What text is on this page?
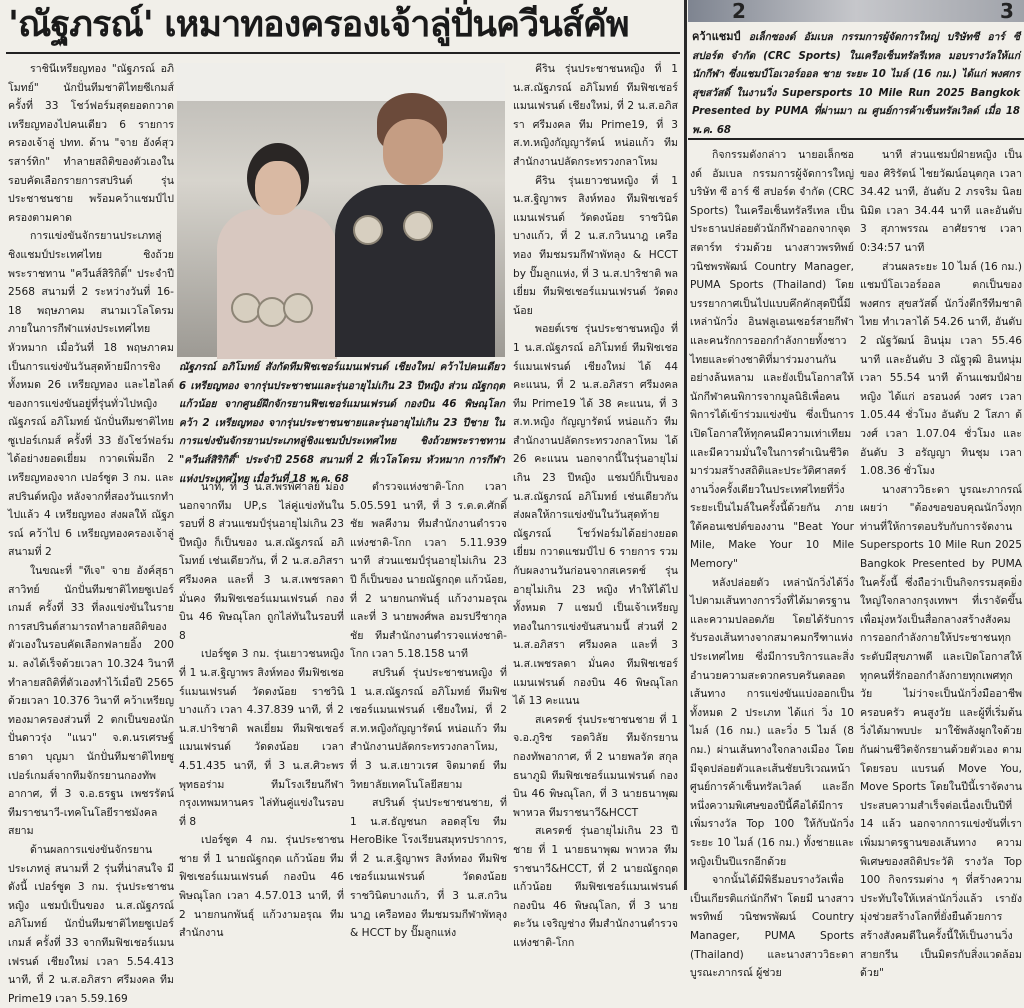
'ณัฐภรณ์' เหมาทองครองเจ้าลู่ปั่นควีนส์คัพ

ราชินีเหรียญทอง "ณัฐภรณ์ อภิโมทย์" นักปั่นทีมชาติไทยซีเกมส์ ครั้งที่ 33 โชว์ฟอร์มสุดยอดกวาดเหรียญทองไปคนเดียว 6 รายการ ครองเจ้าลู่ ปทท. ด้าน "จาย อังค์สุวรสาร์ทิก" ทำลายสถิติของตัวเองในรอบคัดเลือกรายการสปรินต์ รุ่นประชาชนชาย พร้อมคว้าแชมป์ไปครองตามคาด

การแข่งขันจักรยานประเภทลู่ชิงแชมป์ประเทศไทย ชิงถ้วยพระราชทาน "ควีนส์สิริกิติ์" ประจำปี 2568 สนามที่ 2 ระหว่างวันที่ 16-18 พฤษภาคม สนามเวโลโดรม ภายในการกีฬาแห่งประเทศไทย หัวหมาก เมื่อวันที่ 18 พฤษภาคม เป็นการแข่งขันวันสุดท้ายมีการชิงทั้งหมด 26 เหรียญทอง และไฮไลต์ของการแข่งขันอยู่ที่รุ่นทั่วไปหญิง ณัฐภรณ์ อภิโมทย์ นักปั่นทีมชาติไทยซูเปอร์เกมส์ ครั้งที่ 33 ยังโชว์ฟอร์มได้อย่างยอดเยี่ยม กวาดเพิ่มอีก 2 เหรียญทองจาก เปอร์ซูต 3 กม. และสปรินต์หญิง หลังจากที่สองวันแรกทำไปแล้ว 4 เหรียญทอง ส่งผลให้ ณัฐภรณ์ คว้าไป 6 เหรียญทองครองเจ้าลู่สนามที่ 2

ในขณะที่ "ทีเจ" จาย อังค์สุธาสาวิทย์ นักปั่นทีมชาติไทยซูเปอร์เกมส์ ครั้งที่ 33 ที่ลงแข่งขันในรายการสปรินต์สามารถทำลายสถิติของตัวเองในรอบคัดเลือกฟลายอิ้ง 200 ม. ลงได้เร็จด้วยเวลา 10.324 วินาที ทำลายสถิติที่ตัวเองทำไว้เมื่อปี 2565 ด้วยเวลา 10.376 วินาที คว้าเหรียญทองมาครองส่วนที่ 2 ตกเป็นของนักปั่นดาวรุ่ง "แนว" จ.ต.นรเศรษฐ์ธาดา บุญมา นักปั่นทีมชาติไทยซูเปอร์เกมส์จากทีมจักรยานกองทัพอากาศ, ที่ 3 จ.อ.ธรฐน เพชรรัตน์ ทีมราชนาวี-เทคโนโลยีราชมังคลสยาม

ด้านผลการแข่งขันจักรยานประเภทลู่ สนามที่ 2 รุ่นที่น่าสนใจ มีดังนี้ เปอร์ซูต 3 กม. รุ่นประชาชนหญิง แชมป์เป็นของ น.ส.ณัฐภรณ์ อภิโมทย์ นักปั่นทีมชาติไทยซูเปอร์เกมส์ ครั้งที่ 33 จากทีมฟิชเชอร์แมนเฟรนด์ เชียงใหม่ เวลา 5.54.413 นาที, ที่ 2 น.ส.อภิสรา ศรีมงคล ทีม Prime19 เวลา 5.59.169

ณัฐภรณ์ อภิโมทย์ สังกัดทีมฟิชเชอร์แมนเฟรนด์ เชียงใหม่ คว้าไปคนเดียว 6 เหรียญทอง จากรุ่นประชาชนและรุ่นอายุไม่เกิน 23 ปีหญิง ส่วน ณัฐกฤต แก้วน้อย จากศูนย์ฝึกจักรยานฟิชเชอร์แมนเฟรนด์ กองบิน 46 พิษณุโลก คว้า 2 เหรียญทอง จากรุ่นประชาชนชายและรุ่นอายุไม่เกิน 23 ปีชาย ในการแข่งขันจักรยานประเภทลู่ชิงแชมป์ประเทศไทย ชิงถ้วยพระราชทาน "ควีนส์สิริกิติ์" ประจำปี 2568 สนามที่ 2 ที่เวโลโดรม หัวหมาก การกีฬาแห่งประเทศไทย เมื่อวันที่ 18 พ.ค. 68

นาที, ที่ 3 น.ส.พรพิศาลย์ ม่องนอกจากทีม UP,s ไล่คู่แข่งทันในรอบที่ 8 ส่วนแชมป์รุ่นอายุไม่เกิน 23 ปีหญิง ก็เป็นของ น.ส.ณัฐภรณ์ อภิโมทย์ เช่นเดียวกัน, ที่ 2 น.ส.อภิสรา ศรีมงคล และที่ 3 น.ส.เพชรลดา มั่นคง ทีมฟิชเชอร์แมนเฟรนด์ กองบิน 46 พิษณุโลก ถูกไล่ทันในรอบที่ 8

เปอร์ซูต 3 กม. รุ่นเยาวชนหญิง ที่ 1 น.ส.ฐิญาพร สิงห์ทอง ทีมฟิชเชอร์แมนเฟรนด์ วัดดงน้อย ราชวินิบางแก้ว เวลา 4.37.839 นาที, ที่ 2 น.ส.ปาริชาติ พลเยี่ยม ทีมฟิชเชอร์แมนเฟรนด์ วัดดงน้อย เวลา 4.51.435 นาที, ที่ 3 น.ส.ศิวะพร พุทธอร่าม ทีมโรงเรียนกีฬากรุงเทพมหานคร ไล่ทันคู่แข่งในรอบที่ 8

เปอร์ซูต 4 กม. รุ่นประชาชนชาย ที่ 1 นายณัฐกฤต แก้วน้อย ทีมฟิชเชอร์แมนเฟรนด์ กองบิน 46 พิษณุโลก เวลา 4.57.013 นาที, ที่ 2 นายกนกพันธุ์ แก้วงามอรุณ ทีมสำนักงาน

ตำรวจแห่งชาติ-โกก เวลา 5.05.591 นาที, ที่ 3 ร.ต.ต.ศักดิ์ชัย พลคีงาม ทีมสำนักงานตำรวจแห่งชาติ-โกก เวลา 5.11.939 นาที ส่วนแชมป์รุ่นอายุไม่เกิน 23 ปี ก็เป็นของ นายณัฐกฤต แก้วน้อย, ที่ 2 นายกนกพันธุ์ แก้วงามอรุณ และที่ 3 นายพงศ์พล อมรปรีชากุลชัย ทีมสำนักงานตำรวจแห่งชาติ-โกก เวลา 5.18.158 นาที

สปรินต์ รุ่นประชาชนหญิง ที่ 1 น.ส.ณัฐภรณ์ อภิโมทย์ ทีมฟิชเชอร์แมนเฟรนด์ เชียงใหม่, ที่ 2 ส.ท.หญิงกัญญารัตน์ หน่อแก้ว ทีมสำนักงานปลัดกระทรวงกลาโหม, ที่ 3 น.ส.เยาวเรศ จิตมาตย์ ทีมวิทยาลัยเทคโนโลยีสยาม

สปรินต์ รุ่นประชาชนชาย, ที่ 1 น.ส.ธัญชนก ลอดสุโข ทีม HeroBike โรงเรียนสมุทรปราการ, ที่ 2 น.ส.ฐิญาพร สิงห์ทอง ทีมฟิชเชอร์แมนเฟรนด์ วัดดงน้อย ราชวินิตบางแก้ว, ที่ 3 น.ส.กวินนาฏ เครือทอง ทีมชมรมกีฬาพัทลุง & HCCT by ปั๊มลูกแห่ง

คีริน รุ่นประชาชนหญิง ที่ 1 น.ส.ณัฐภรณ์ อภิโมทย์ ทีมฟิชเชอร์แมนเฟรนด์ เชียงใหม่, ที่ 2 น.ส.อภิสรา ศรีมงคล ทีม Prime19, ที่ 3 ส.ท.หญิงกัญญารัตน์ หน่อแก้ว ทีมสำนักงานปลัดกระทรวงกลาโหม

คีริน รุ่นเยาวชนหญิง ที่ 1 น.ส.ฐิญาพร สิงห์ทอง ทีมฟิชเชอร์แมนเฟรนด์ วัดดงน้อย ราชวินิตบางแก้ว, ที่ 2 น.ส.กวินนาฎ เครือทอง ทีมชมรมกีฬาพัทลุง & HCCT by ปั๊มลูกแห่ง, ที่ 3 น.ส.ปาริชาติ พลเยี่ยม ทีมฟิชเชอร์แมนเฟรนด์ วัดดงน้อย

พอยต์เรซ รุ่นประชาชนหญิง ที่ 1 น.ส.ณัฐภรณ์ อภิโมทย์ ทีมฟิชเชอร์แมนเฟรนด์ เชียงใหม่ ได้ 44 คะแนน, ที่ 2 น.ส.อภิสรา ศรีมงคล ทีม Prime19 ได้ 38 คะแนน, ที่ 3 ส.ท.หญิง กัญญารัตน์ หน่อแก้ว ทีมสำนักงานปลัดกระทรวงกลาโหม ได้ 26 คะแนน นอกจากนี้ในรุ่นอายุไม่เกิน 23 ปีหญิง แชมป์ก็เป็นของ น.ส.ณัฐภรณ์ อภิโมทย์ เช่นเดียวกัน ส่งผลให้การแข่งขันในวันสุดท้าย ณัฐภรณ์ โชว์ฟอร์มได้อย่างยอดเยี่ยม กวาดแชมป์ไป 6 รายการ รวมกับผลงานวันก่อนจากสเครตช์ รุ่นอายุไม่เกิน 23 หญิง ทำให้ได้ไปทั้งหมด 7 แชมป์ เป็นเจ้าเหรียญทองในการแข่งขันสนามนี้ ส่วนที่ 2 น.ส.อภิสรา ศรีมงคล และที่ 3 น.ส.เพชรลดา มั่นคง ทีมฟิชเชอร์แมนเฟรนด์ กองบิน 46 พิษณุโลก ได้ 13 คะแนน

สเครตช์ รุ่นประชาชนชาย ที่ 1 จ.อ.ภูริช รอดวิลัย ทีมจักรยานกองทัพอากาศ, ที่ 2 นายพลวัต สกุลธนาภูมิ ทีมฟิชเชอร์แมนเฟรนด์ กองบิน 46 พิษณุโลก, ที่ 3 นายธนาพุฒ พาหวล ทีมราชนาวี&HCCT

สเครตช์ รุ่นอายุไม่เกิน 23 ปีชาย ที่ 1 นายธนาพุฒ พาหวล ทีมราชนาวี&HCCT, ที่ 2 นายณัฐกฤต แก้วน้อย ทีมฟิชเชอร์แมนเฟรนด์ กองบิน 46 พิษณุโลก, ที่ 3 นายตะวัน เจริญช่าง ทีมสำนักงานตำรวจแห่งชาติ-โกก

2	3
คว้าแชมป์ อเล็กซองด์ อัมเบล กรรมการผู้จัดการใหญ่ บริษัทซี อาร์ ซี สปอร์ต จำกัด (CRC Sports) ในเครือเซ็นทรัลรีเทล มอบรางวัลให้แก่นักกีฬา ซึ่งแชมป์โอเวอร์ออล ชาย ระยะ 10 ไมล์ (16 กม.) ได้แก่ พงศกร สุขสวัสดิ์ ในงานวิ่ง Supersports 10 Mile Run 2025 Bangkok Presented by PUMA ที่ผ่านมา ณ ศูนย์การค้าเซ็นทรัลเวิลด์ เมื่อ 18 พ.ค. 68

กิจกรรมดังกล่าว นายอเล็กซองด์ อัมเบล กรรมการผู้จัดการใหญ่ บริษัท ซี อาร์ ซี สปอร์ต จำกัด (CRC Sports) ในเครือเซ็นทรัลรีเทล เป็นประธานปล่อยตัวนักกีฬาออกจากจุดสตาร์ท ร่วมด้วย นางสาวพรทิพย์ วนิชพรพัฒน์ Country Manager, PUMA Sports (Thailand) โดยบรรยากาศเป็นไปแบบคึกคักสุดปีนี้มีเหล่านักวิ่ง อินฟลูเอนเซอร์สายกีฬาและคนรักการออกกำลังกายทั้งชาวไทยและต่างชาติที่มาร่วมงานกันอย่างล้นหลาม และยังเป็นโอกาสให้นักกีฬาคนพิการจากมูลนิธิเพื่อคนพิการได้เข้าร่วมแข่งขัน ซึ่งเป็นการเปิดโอกาสให้ทุกคนมีความเท่าเทียม และมีความมั่นใจในการดำเนินชีวิต มาร่วมสร้างสถิติและประวัติศาสตร์งานวิ่งครั้งเดียวในประเทศไทยที่วิ่งระยะเป็นไมล์ในครั้งนี้ด้วยกัน ภายใต้คอนเซปต์ของงาน "Beat Your Mile, Make Your 10 Mile Memory"

หลังปล่อยตัว เหล่านักวิ่งได้วิ่งไปตามเส้นทางการวิ่งที่ได้มาตรฐานและความปลอดภัย โดยได้รับการรับรองเส้นทางจากสมาคมกรีฑาแห่งประเทศไทย ซึ่งมีการบริการและสิ่งอำนวยความสะดวกครบครันตลอดเส้นทาง การแข่งขันแบ่งออกเป็นทั้งหมด 2 ประเภท ได้แก่ วิ่ง 10 ไมล์ (16 กม.) และวิ่ง 5 ไมล์ (8 กม.) ผ่านเส้นทางใจกลางเมือง โดยมีจุดปล่อยตัวและเส้นชัยบริเวณหน้าศูนย์การค้าเซ็นทรัลเวิลด์ และอีกหนึ่งความพิเศษของปีนี้คือได้มีการเพิ่มรางวัล Top 100 ให้กับนักวิ่งระยะ 10 ไมล์ (16 กม.) ทั้งชายและหญิงเป็นปีแรกอีกด้วย

จากนั้นได้มีพิธีมอบรางวัลเพื่อเป็นเกียรติแก่นักกีฬา โดยมี นางสาวพรทิพย์ วนิชพรพัฒน์ Country Manager, PUMA Sports (Thailand) และนางสาววิธะดา บูรณะภากรณ์ ผู้ช่วย

นาที ส่วนแชมป์ฝ่ายหญิง เป็นของ ศิริรัตน์ ไชยวัฒน์อนุตกุล เวลา 34.42 นาที, อันดับ 2 ภรจริม นิลยนิมิต เวลา 34.44 นาที และอันดับ 3 สุภาพรรณ อาศัยราช เวลา 0:34:57 นาที

ส่วนผลระยะ 10 ไมล์ (16 กม.) แชมป์โอเวอร์ออล ตกเป็นของ พงศกร สุขสวัสดิ์ นักวิ่งตีกรีทีมชาติไทย ทำเวลาได้ 54.26 นาที, อันดับ 2 ณัฐวัฒน์ อินนุ่ม เวลา 55.46 นาที และอันดับ 3 ณัฐวุฒิ อินหนุ่ม เวลา 55.54 นาที ด้านแชมป์ฝ่ายหญิง ได้แก่ อรอนงค์ วงศร เวลา 1.05.44 ชั่วโมง อันดับ 2 โสภา ต้วงศ์ เวลา 1.07.04 ชั่วโมง และอันดับ 3 อรัญญา ทินชุม เวลา 1.08.36 ชั่วโมง

นางสาววิธะดา บูรณะภากรณ์ เผยว่า "ต้องขอขอบคุณนักวิ่งทุกท่านที่ให้การตอบรับกับการจัดงาน Supersports 10 Mile Run 2025 Bangkok Presented by PUMA ในครั้งนี้ ซึ่งถือว่าเป็นกิจกรรมสุดยิ่งใหญ่ใจกลางกรุงเทพฯ ที่เราจัดขึ้นเพื่อมุ่งหวังเป็นสื่อกลางสร้างสังคมการออกกำลังกายให้ประชาชนทุกระดับมีสุขภาพดี และเปิดโอกาสให้ทุกคนที่รักออกกำลังกายทุกเพศทุกวัย ไม่ว่าจะเป็นนักวิ่งมืออาชีพ ครอบครัว คนสูงวัย และผู้ที่เริ่มต้นวิ่งได้มาพบปะ มาใช้พลังผูกใจด้วยกันผ่านชีวิตจักรยานด้วยตัวเอง ตามโดยรอบ แบรนด์ Move You, Move Sports โดยในปีนี้เราจัดงานประสบความสำเร็จต่อเนื่องเป็นปีที่ 14 แล้ว นอกจากการแข่งขันที่เราเพิ่มมาตรฐานของเส้นทาง ความพิเศษของสถิติประวัติ รางวัล Top 100 กิจกรรมต่าง ๆ ที่สร้างความประทับใจให้เหล่านักวิ่งแล้ว เรายังมุ่งช่วยสร้างโลกที่ยั่งยืนด้วยการสร้างสังคมดีในครั้งนี้ให้เป็นงานวิ่งสายกรีน เป็นมิตรกับสิ่งแวดล้อมด้วย"
